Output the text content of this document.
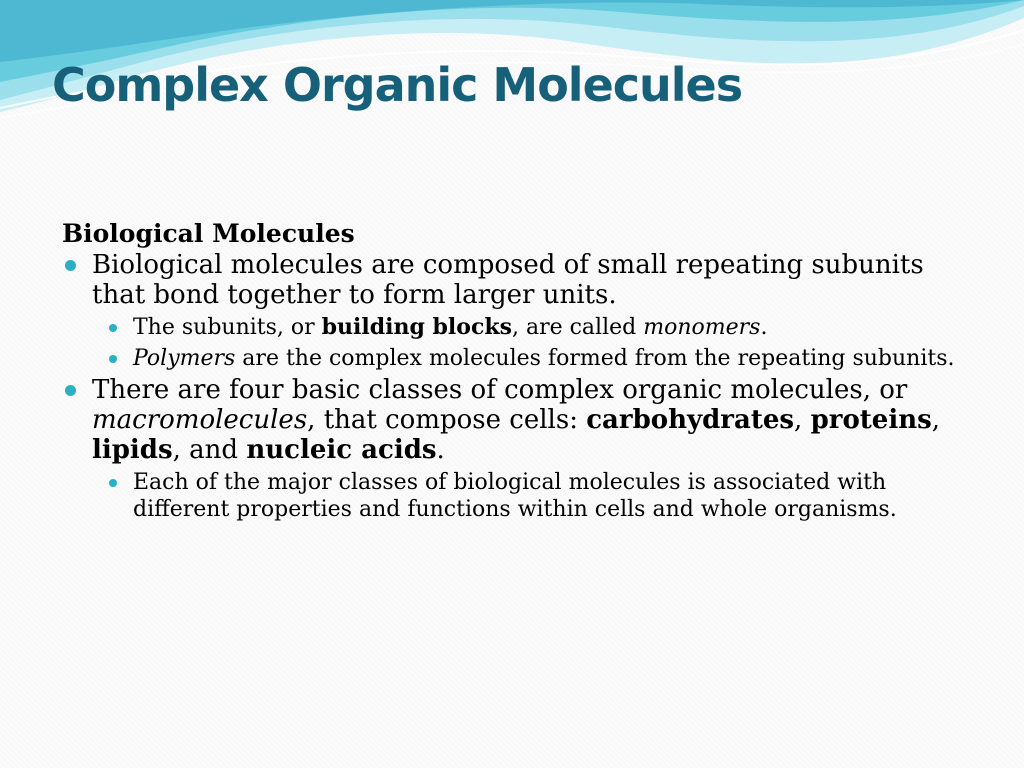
Complex Organic Molecules
Biological Molecules
Biological molecules are composed of small repeating subunits that bond together to form larger units.
The subunits, or building blocks, are called monomers.
Polymers are the complex molecules formed from the repeating subunits.
There are four basic classes of complex organic molecules, or macromolecules, that compose cells: carbohydrates, proteins, lipids, and nucleic acids.
Each of the major classes of biological molecules is associated with different properties and functions within cells and whole organisms.
